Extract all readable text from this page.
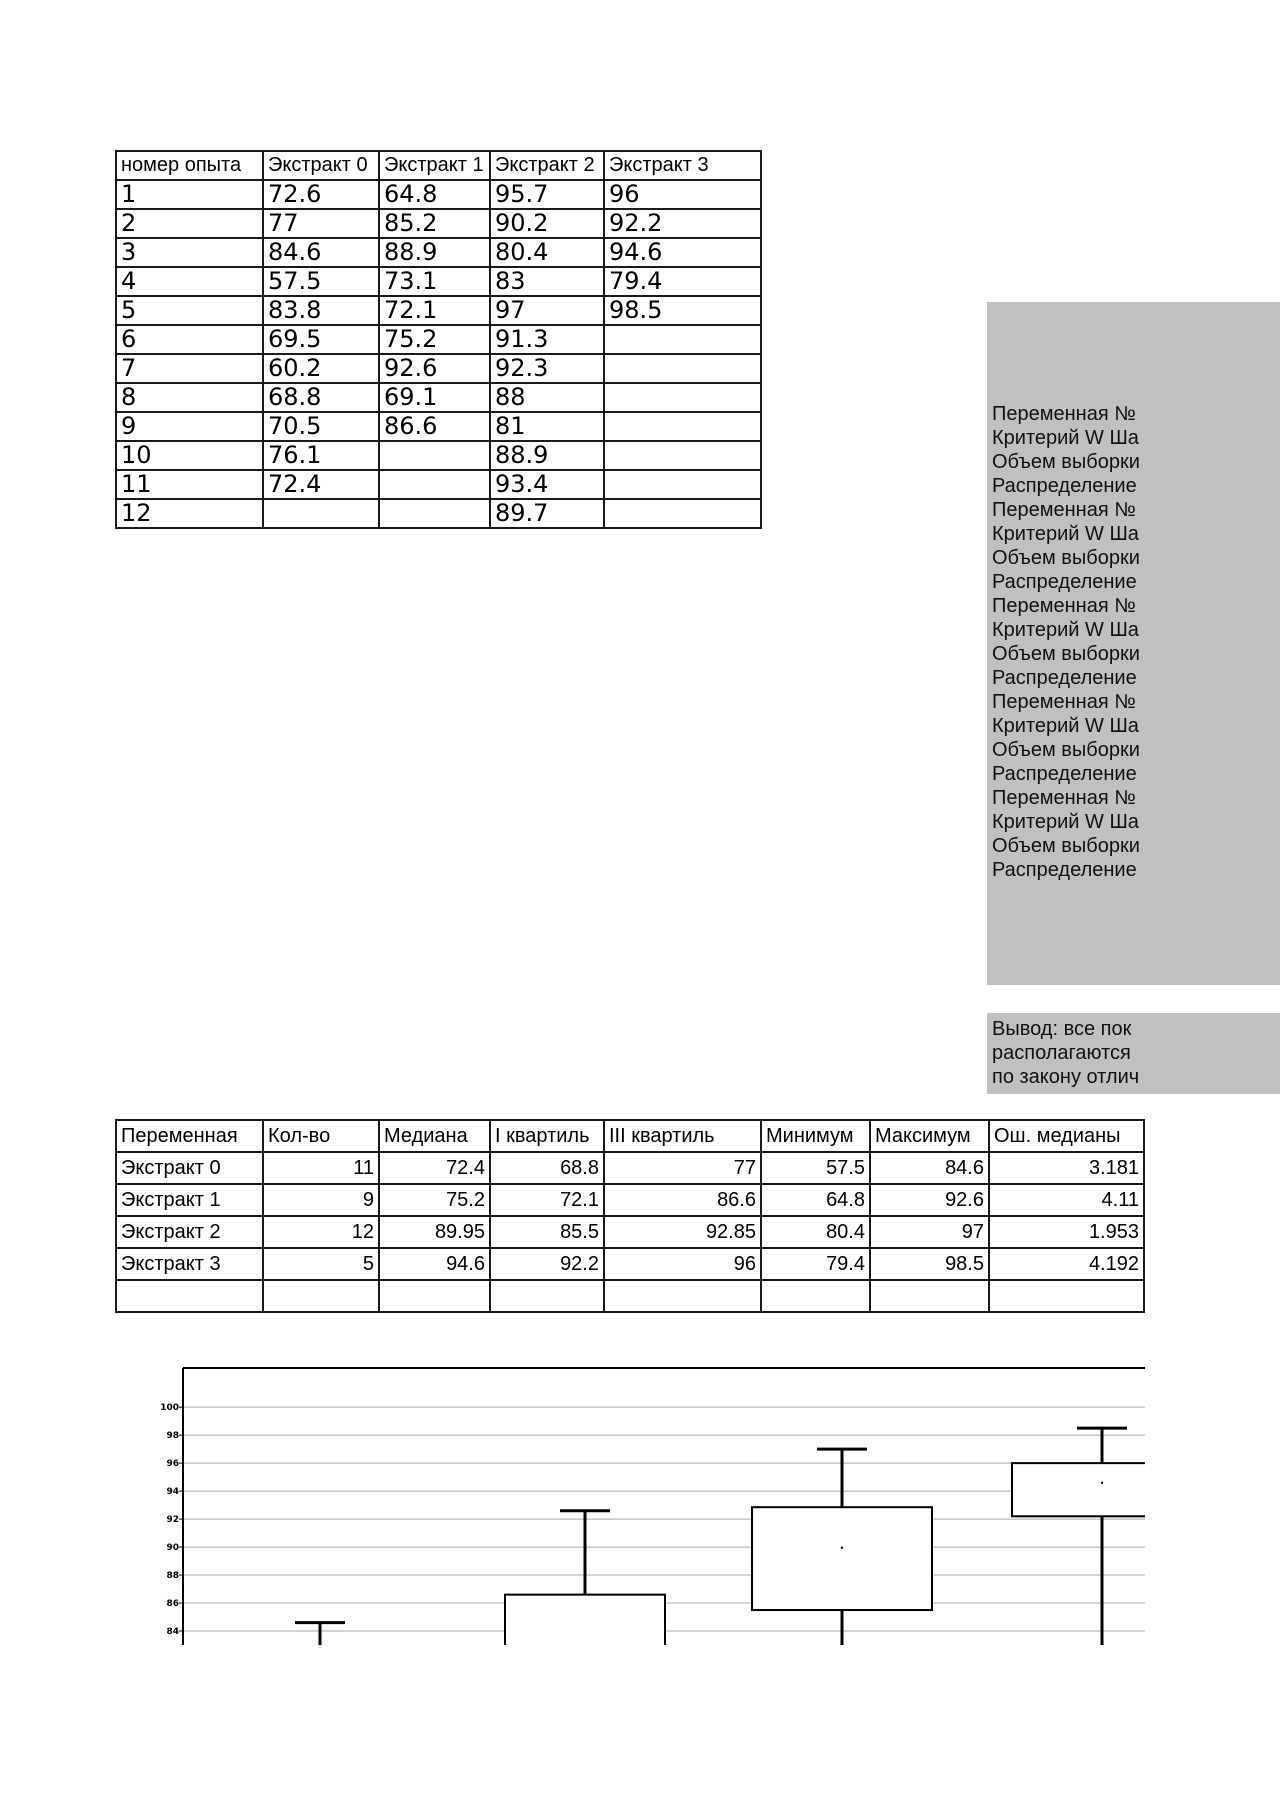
номер опыта	Экстракт 0	Экстракт 1	Экстракт 2	Экстракт 3
1	72.6	64.8	95.7	96
2	77	85.2	90.2	92.2
3	84.6	88.9	80.4	94.6
4	57.5	73.1	83	79.4
5	83.8	72.1	97	98.5
6	69.5	75.2	91.3	
7	60.2	92.6	92.3	
8	68.8	69.1	88	
9	70.5	86.6	81	
10	76.1		88.9	
11	72.4		93.4	
12			89.7	
Переменная №
Критерий W Ша
Объем выборки
Распределение
Переменная №
Критерий W Ша
Объем выборки
Распределение
Переменная №
Критерий W Ша
Объем выборки
Распределение
Переменная №
Критерий W Ша
Объем выборки
Распределение
Переменная №
Критерий W Ша
Объем выборки
Распределение
Вывод: все пок
располагаются
по закону отлич
Переменная	Кол-во	Медиана	I квартиль	III квартиль	Минимум	Максимум	Ош. медианы
Экстракт 0	11	72.4	68.8	77	57.5	84.6	3.181
Экстракт 1	9	75.2	72.1	86.6	64.8	92.6	4.11
Экстракт 2	12	89.95	85.5	92.85	80.4	97	1.953
Экстракт 3	5	94.6	92.2	96	79.4	98.5	4.192

84
86
88
90
92
94
96
98
100
